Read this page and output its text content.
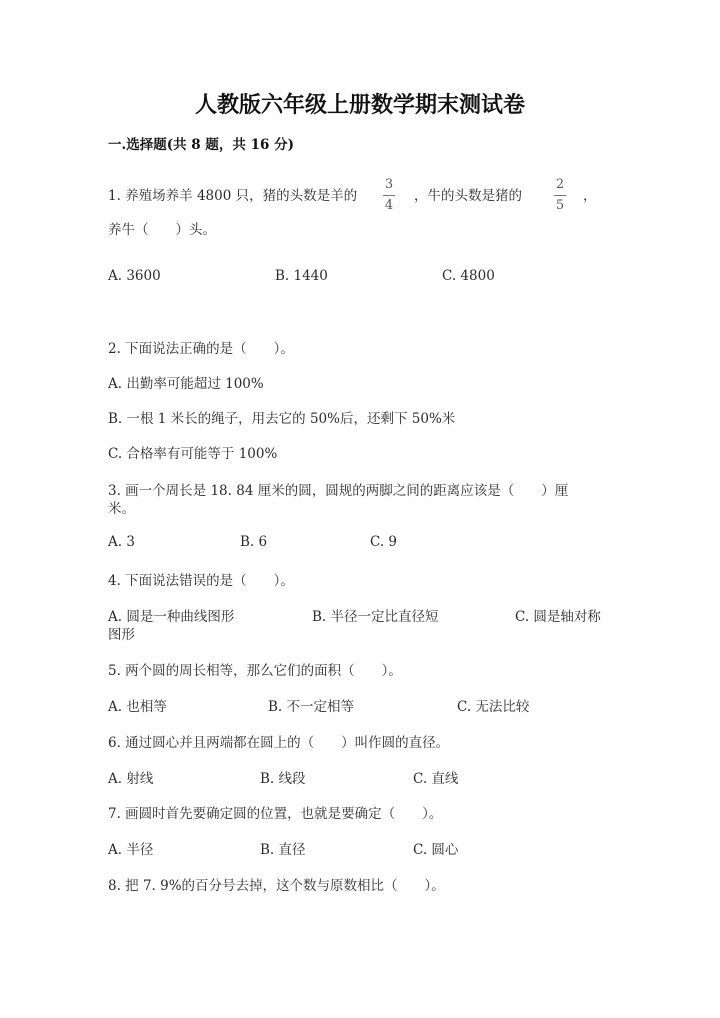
人教版六年级上册数学期末测试卷
一.选择题(共 8 题，共 16 分)
1. 养殖场养羊 4800 只，猪的头数是羊的
3
4
，牛的头数是猪的
2
5
，
养牛（　　）头。
A. 3600	B. 1440	C. 4800
2. 下面说法正确的是（　　）。
A. 出勤率可能超过 100%
B. 一根 1 米长的绳子，用去它的 50%后，还剩下 50%米
C. 合格率有可能等于 100%
3. 画一个周长是 18. 84 厘米的圆，圆规的两脚之间的距离应该是（　　）厘
米。
A. 3	B. 6	C. 9
4. 下面说法错误的是（　　）。
A. 圆是一种曲线图形	B. 半径一定比直径短	C. 圆是轴对称
图形
5. 两个圆的周长相等，那么它们的面积（　　）。
A. 也相等	B. 不一定相等	C. 无法比较
6. 通过圆心并且两端都在圆上的（　　）叫作圆的直径。
A. 射线	B. 线段	C. 直线
7. 画圆时首先要确定圆的位置，也就是要确定（　　）。
A. 半径	B. 直径	C. 圆心
8. 把 7. 9%的百分号去掉，这个数与原数相比（　　）。
